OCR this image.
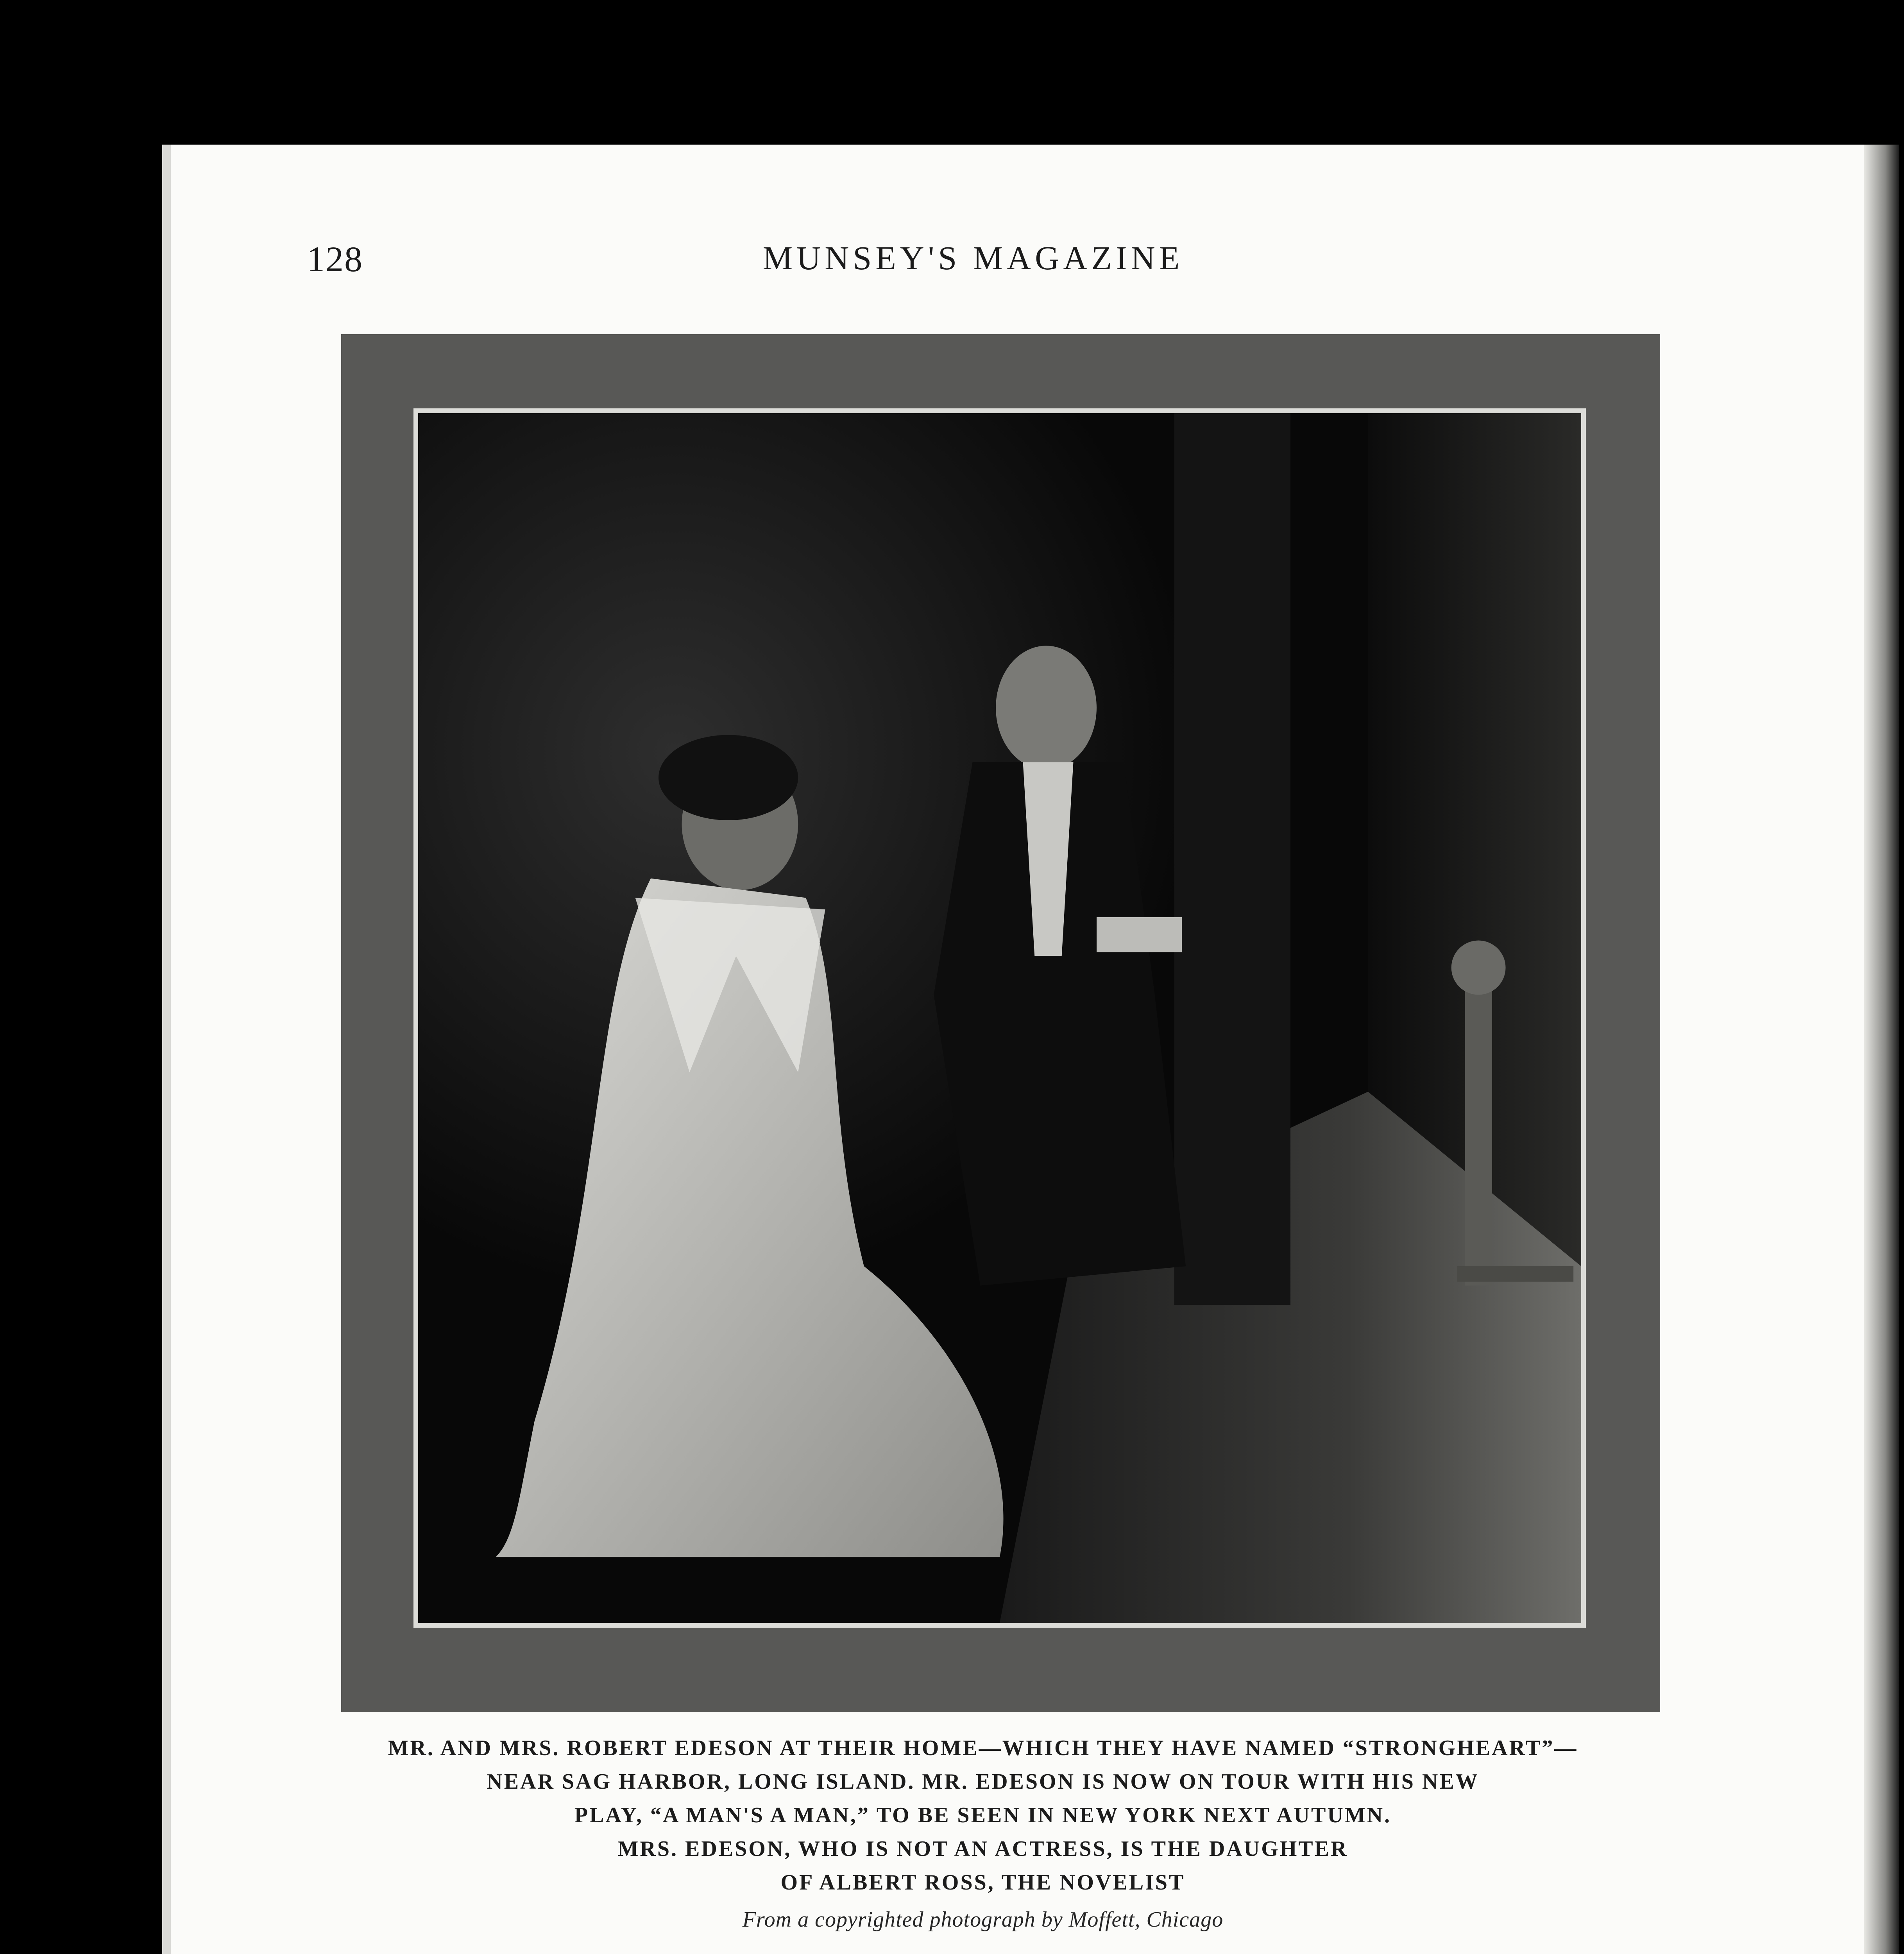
128	MUNSEY'S MAGAZINE
MR. AND MRS. ROBERT EDESON AT THEIR HOME—WHICH THEY HAVE NAMED “STRONGHEART”—
NEAR SAG HARBOR, LONG ISLAND. MR. EDESON IS NOW ON TOUR WITH HIS NEW
PLAY, “A MAN'S A MAN,” TO BE SEEN IN NEW YORK NEXT AUTUMN.
MRS. EDESON, WHO IS NOT AN ACTRESS, IS THE DAUGHTER
OF ALBERT ROSS, THE NOVELIST
From a copyrighted photograph by Moffett, Chicago
